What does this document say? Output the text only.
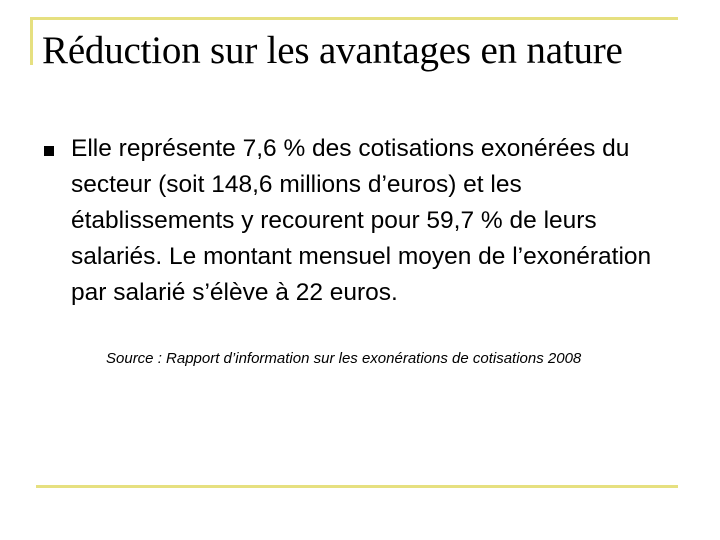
Réduction sur les avantages en nature
Elle représente 7,6 % des cotisations exonérées du secteur (soit 148,6 millions d’euros) et les établissements y recourent pour 59,7 % de leurs salariés. Le montant mensuel moyen de l’exonération par salarié s’élève à 22 euros.

Source : Rapport d’information sur les exonérations de cotisations 2008
